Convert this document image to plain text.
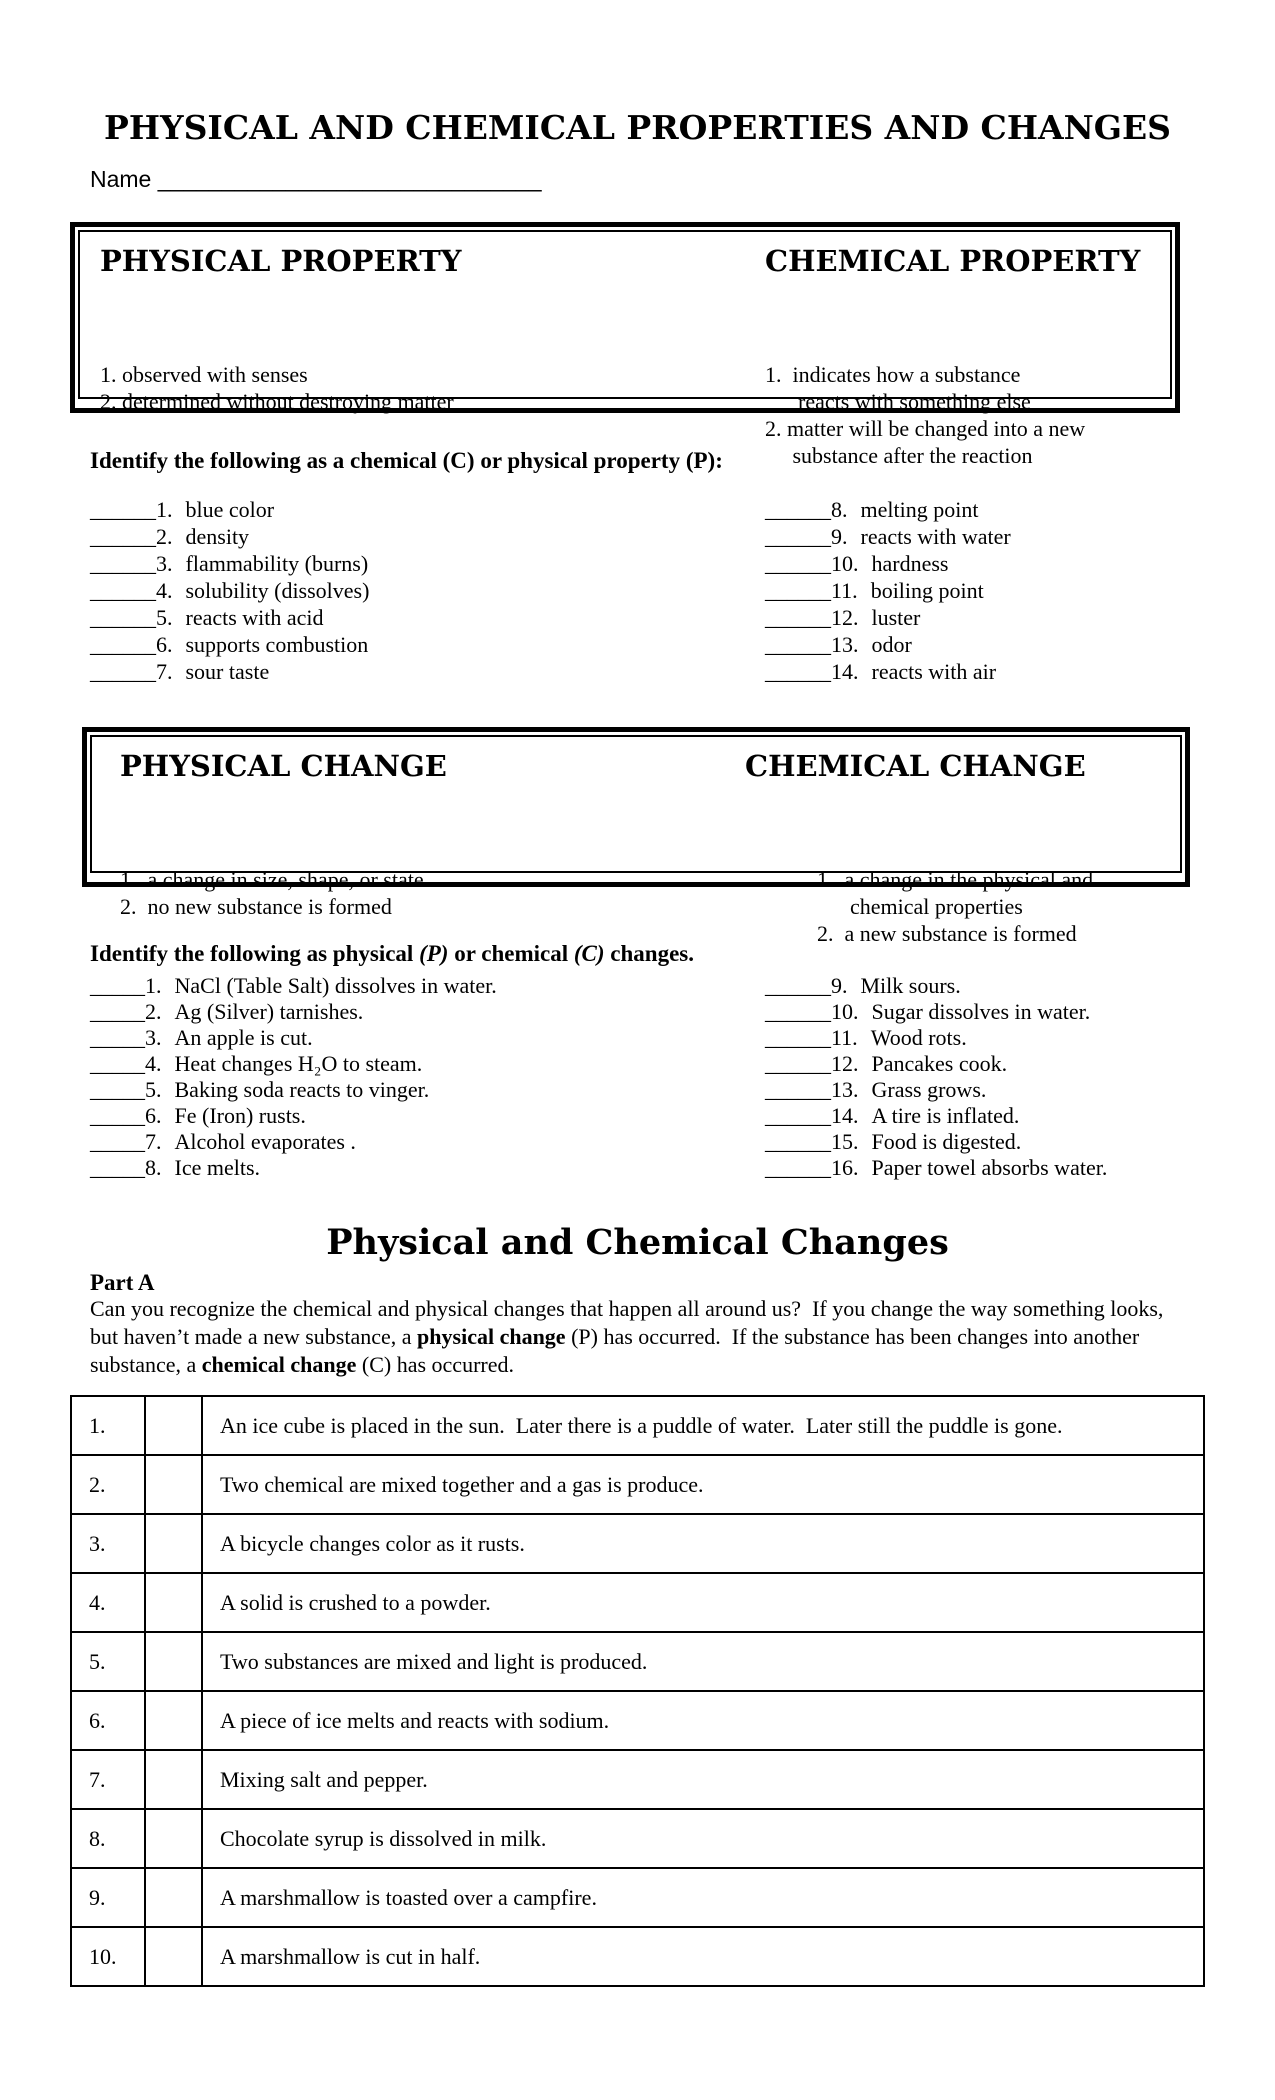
PHYSICAL AND CHEMICAL PROPERTIES AND CHANGES
Name ______________________________
PHYSICAL PROPERTY

1. observed with senses
2. determined without destroying matter
CHEMICAL PROPERTY

1.  indicates how a substance
reacts with something else
2. matter will be changed into a new
substance after the reaction
Identify the following as a chemical (C) or physical property (P):
______1. blue color
______2. density
______3. flammability (burns)
______4. solubility (dissolves)
______5. reacts with acid
______6. supports combustion
______7. sour taste
______8. melting point
______9. reacts with water
______10. hardness
______11. boiling point
______12. luster
______13. odor
______14. reacts with air
PHYSICAL CHANGE

1.  a change in size, shape, or state
2.  no new substance is formed
CHEMICAL CHANGE

1.  a change in the physical and
chemical properties
2.  a new substance is formed
Identify the following as physical (P) or chemical (C) changes.
_____1. NaCl (Table Salt) dissolves in water.
_____2. Ag (Silver) tarnishes.
_____3. An apple is cut.
_____4. Heat changes H₂O to steam.
_____5. Baking soda reacts to vinger.
_____6. Fe (Iron) rusts.
_____7. Alcohol evaporates .
_____8. Ice melts.
______9. Milk sours.
______10. Sugar dissolves in water.
______11. Wood rots.
______12. Pancakes cook.
______13. Grass grows.
______14. A tire is inflated.
______15. Food is digested.
______16. Paper towel absorbs water.
Physical and Chemical Changes
Part A
Can you recognize the chemical and physical changes that happen all around us?  If you change the way something looks, but haven’t made a new substance, a physical change (P) has occurred.  If the substance has been changes into another substance, a chemical change (C) has occurred.
1.		An ice cube is placed in the sun.  Later there is a puddle of water.  Later still the puddle is gone.
2.		Two chemical are mixed together and a gas is produce.
3.		A bicycle changes color as it rusts.
4.		A solid is crushed to a powder.
5.		Two substances are mixed and light is produced.
6.		A piece of ice melts and reacts with sodium.
7.		Mixing salt and pepper.
8.		Chocolate syrup is dissolved in milk.
9.		A marshmallow is toasted over a campfire.
10.		A marshmallow is cut in half.
